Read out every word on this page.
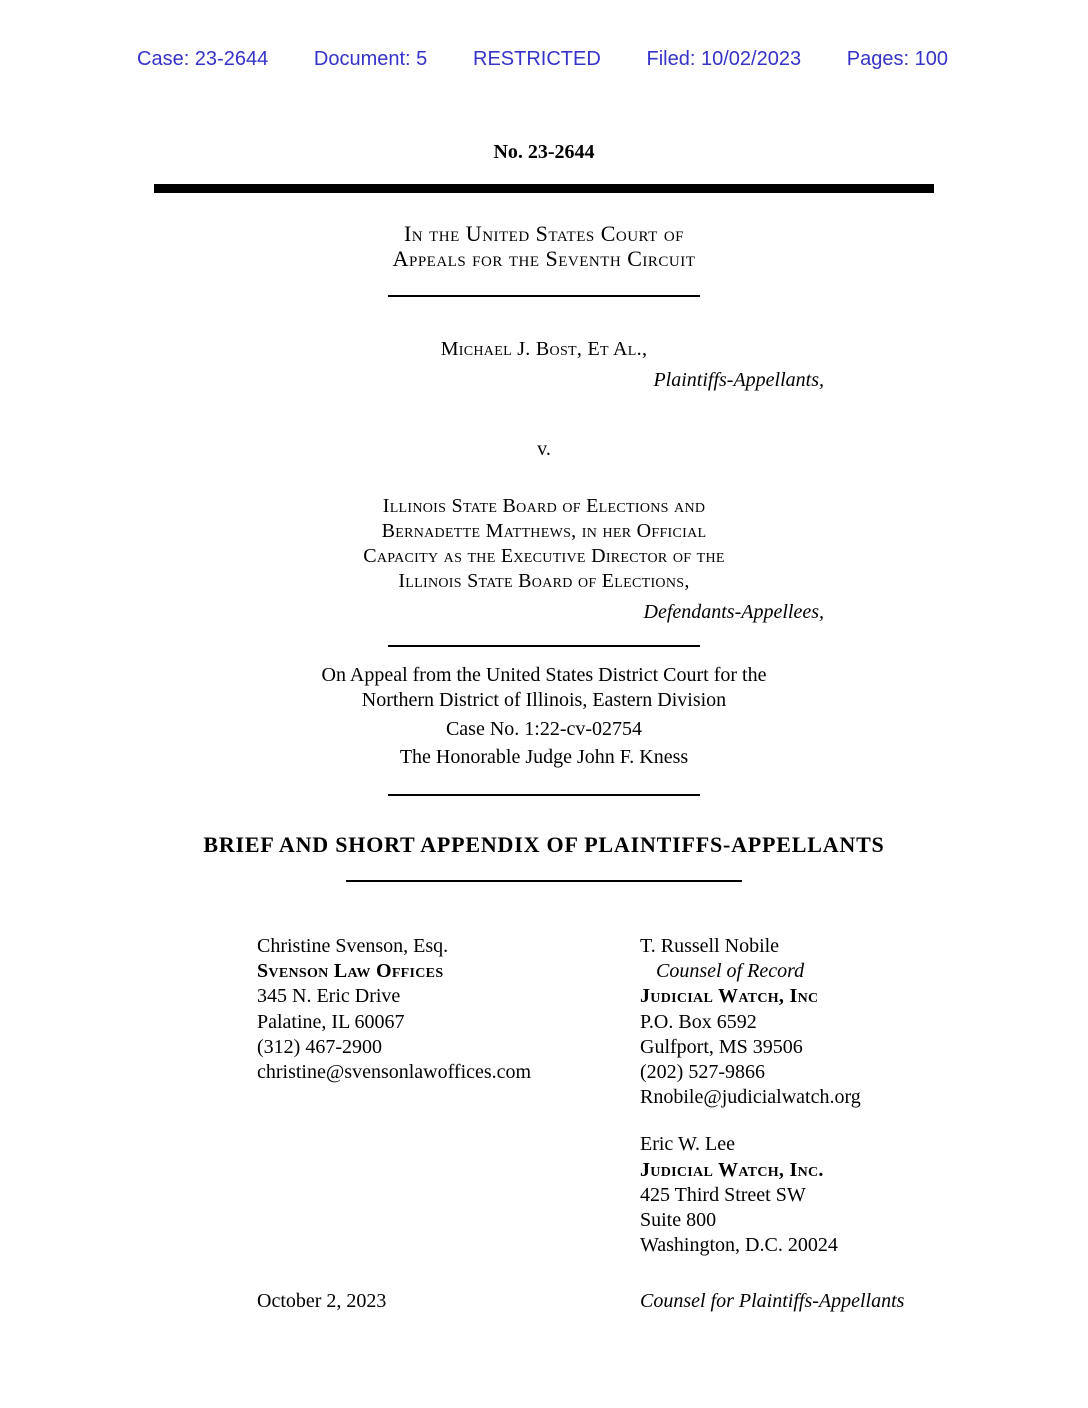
Case: 23-2644 Document: 5 RESTRICTED Filed: 10/02/2023 Pages: 100
No. 23-2644
In the United States Court of
Appeals for the Seventh Circuit
Michael J. Bost, Et Al.,
Plaintiffs-Appellants,
v.
Illinois State Board of Elections and
Bernadette Matthews, in her Official
Capacity as the Executive Director of the
Illinois State Board of Elections,
Defendants-Appellees,
On Appeal from the United States District Court for the
Northern District of Illinois, Eastern Division
Case No. 1:22-cv-02754
The Honorable Judge John F. Kness
BRIEF AND SHORT APPENDIX OF PLAINTIFFS-APPELLANTS
Christine Svenson, Esq.
Svenson Law Offices
345 N. Eric Drive
Palatine, IL 60067
(312) 467-2900
christine@svensonlawoffices.com
T. Russell Nobile
Counsel of Record
Judicial Watch, Inc
P.O. Box 6592
Gulfport, MS 39506
(202) 527-9866
Rnobile@judicialwatch.org
Eric W. Lee
Judicial Watch, Inc.
425 Third Street SW
Suite 800
Washington, D.C. 20024
October 2, 2023	Counsel for Plaintiffs-Appellants
